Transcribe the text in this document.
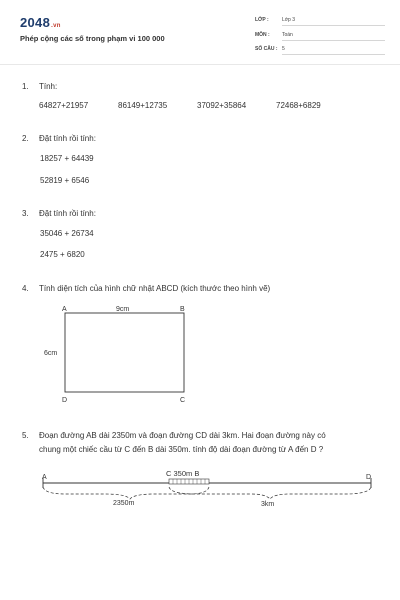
2048.vn
Phép cộng các số trong phạm vi 100 000
LỚP :	Lớp 3
MÔN : Toán
SỐ CÂU : 5
1. Tính:
64827+21957	86149+12735	37092+35864	72468+6829
2. Đặt tính rồi tính:
18257 + 64439
52819 + 6546
3. Đặt tính rồi tính:
35046 + 26734
2475 + 6820
4. Tính diện tích của hình chữ nhật ABCD (kích thước theo hình vẽ)
A	B
C
D
9cm
6cm
5. Đoạn đường AB dài 2350m và đoạn đường CD dài 3km. Hai đoạn đường này có
chung một chiếc cầu từ C đến B dài 350m. tính độ dài đoạn đường từ A đến D ?
A	D
C 350m B
2350m	3km
